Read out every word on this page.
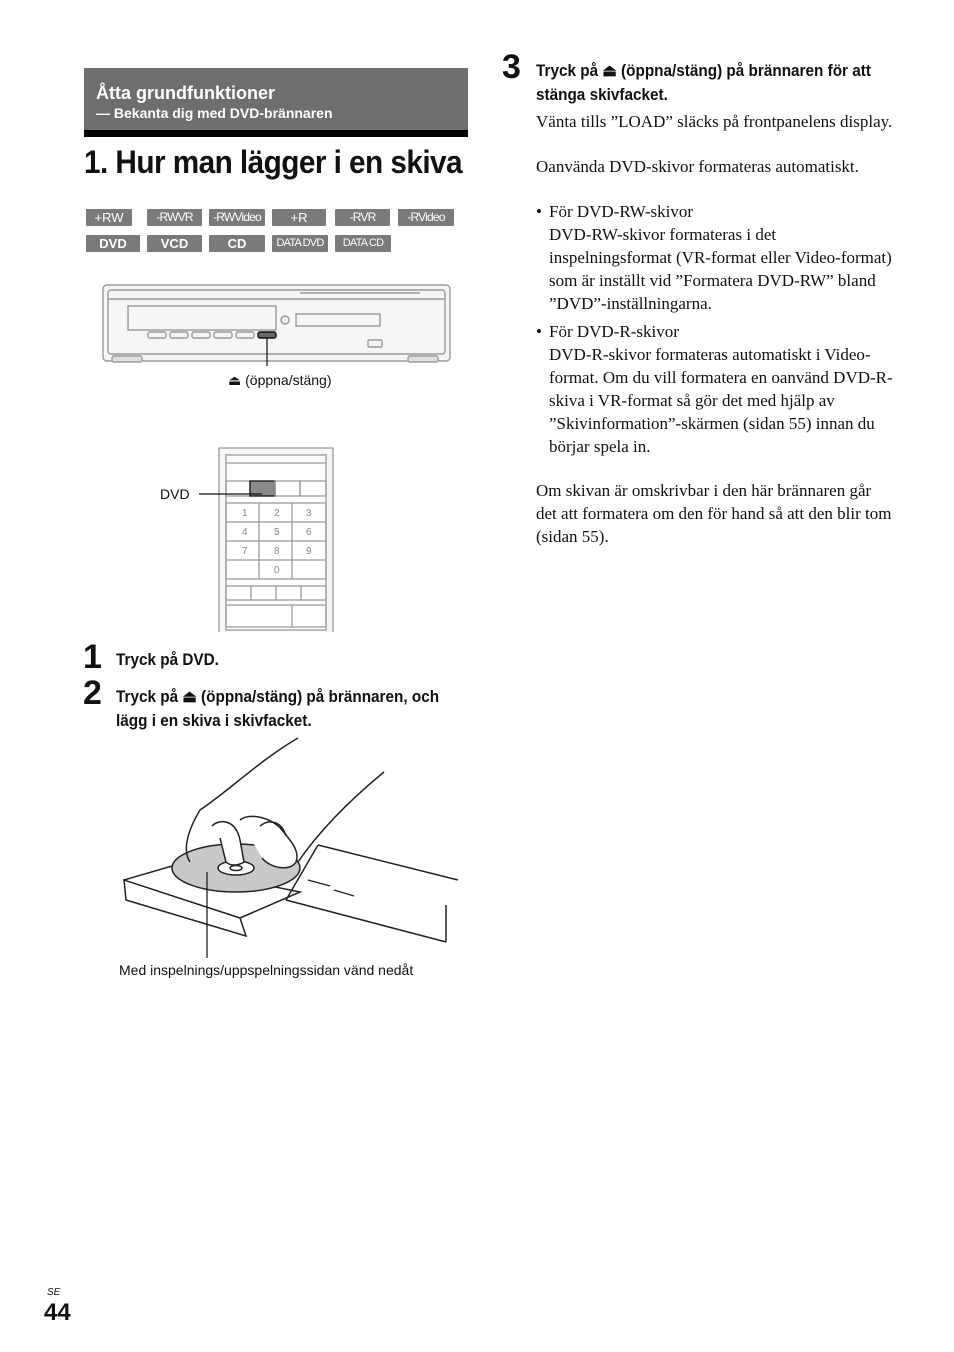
Åtta grundfunktioner
— Bekanta dig med DVD-brännaren
1. Hur man lägger i en skiva
+RW	-RWVR	-RWVideo	+R	-RVR	-RVideo
DVD	VCD	CD	DATA DVD	DATA CD
1	2	3
4	5	6
7	8	9
0
⏏ (öppna/stäng)
DVD
Med inspelnings/uppspelningssidan vänd nedåt
1 Tryck på DVD.
2 Tryck på ⏏ (öppna/stäng) på brännaren, och lägg i en skiva i skivfacket.
3 Tryck på ⏏ (öppna/stäng) på brännaren för att stänga skivfacket.
Vänta tills ”LOAD” släcks på frontpanelens display.
Oanvända DVD-skivor formateras automatiskt.
• För DVD-RW-skivor
DVD-RW-skivor formateras i det inspelningsformat (VR-format eller Video-format) som är inställt vid ”Formatera DVD-RW” bland ”DVD”-inställningarna.
• För DVD-R-skivor
DVD-R-skivor formateras automatiskt i Video-format. Om du vill formatera en oanvänd DVD-R-skiva i VR-format så gör det med hjälp av ”Skivinformation”-skärmen (sidan 55) innan du börjar spela in.
Om skivan är omskrivbar i den här brännaren går det att formatera om den för hand så att den blir tom (sidan 55).
SE
44
